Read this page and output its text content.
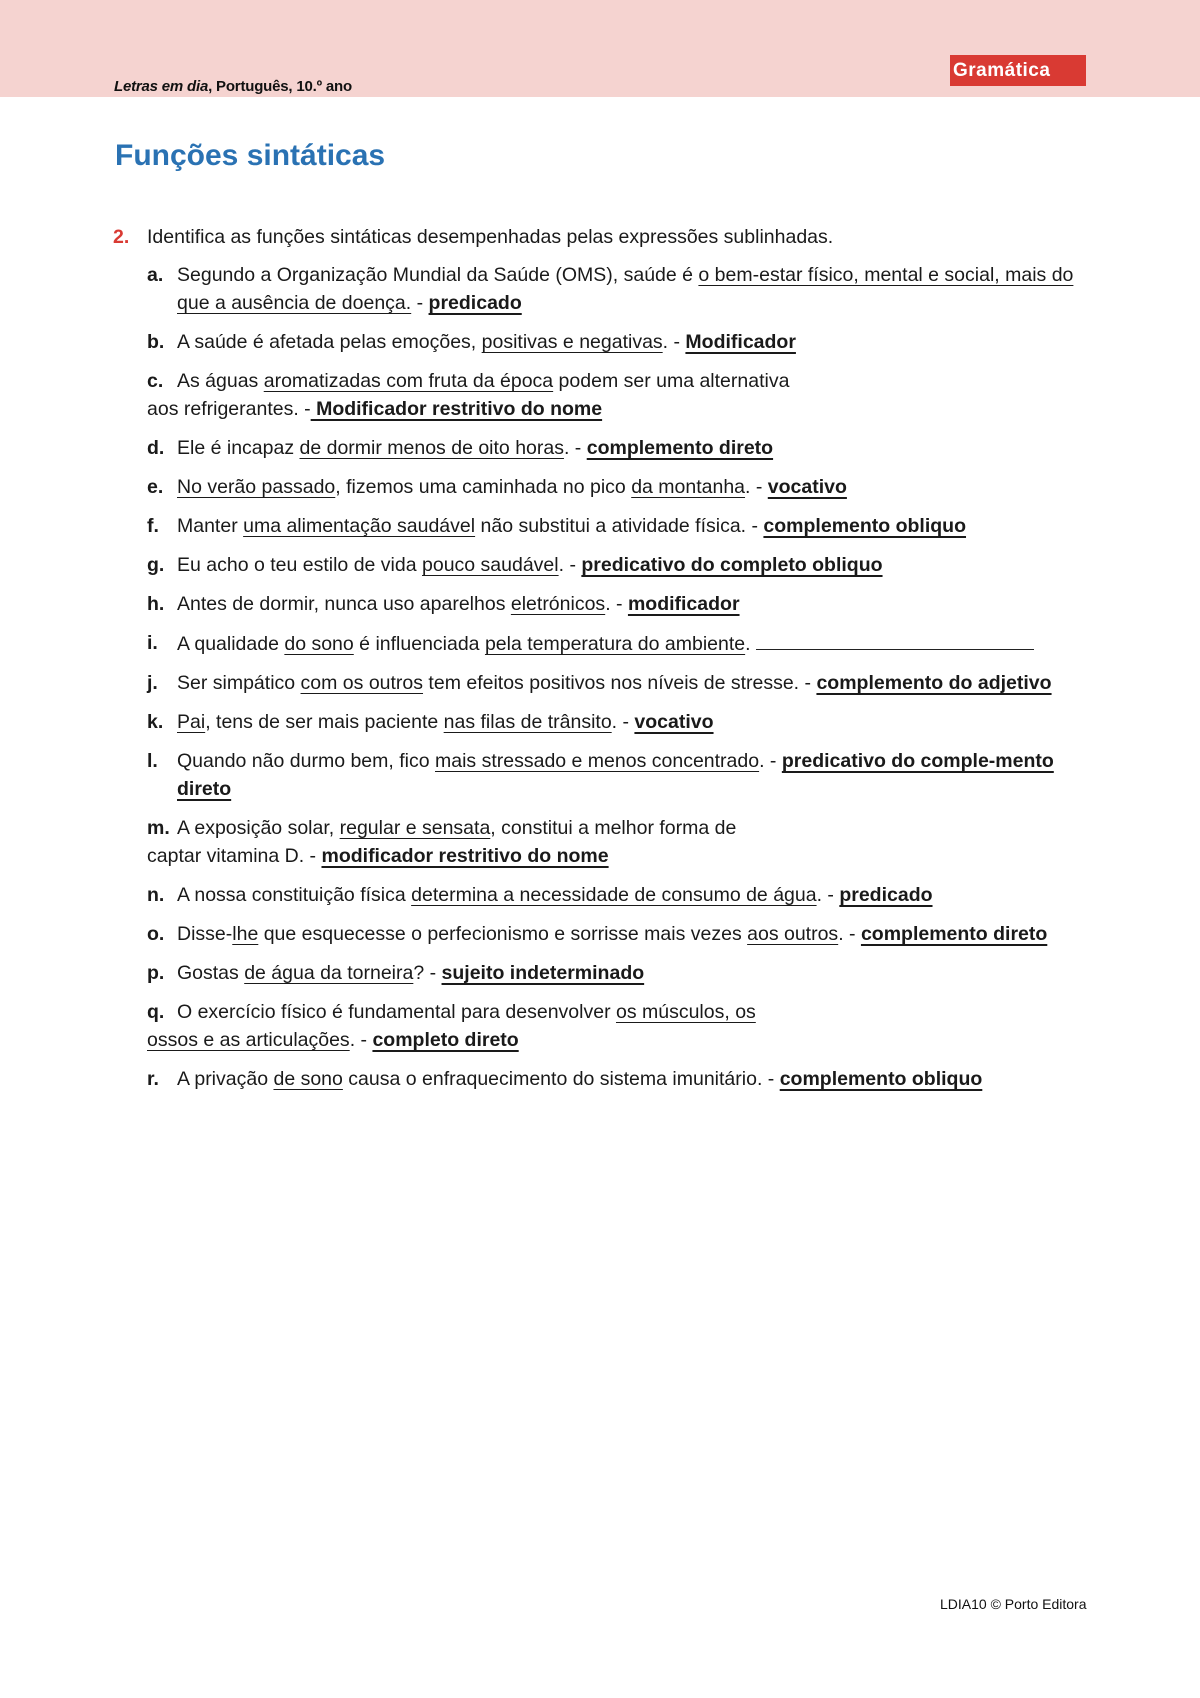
Letras em dia, Português, 10.º ano
Gramática
Funções sintáticas
2. Identifica as funções sintáticas desempenhadas pelas expressões sublinhadas.
a. Segundo a Organização Mundial da Saúde (OMS), saúde é o bem-estar físico, mental e social, mais do que a ausência de doença. - predicado
b. A saúde é afetada pelas emoções, positivas e negativas. - Modificador
c. As águas aromatizadas com fruta da época podem ser uma alternativa
aos refrigerantes. - Modificador restritivo do nome
d. Ele é incapaz de dormir menos de oito horas. - complemento direto
e. No verão passado, fizemos uma caminhada no pico da montanha. - vocativo
f. Manter uma alimentação saudável não substitui a atividade física. - complemento obliquo
g. Eu acho o teu estilo de vida pouco saudável. - predicativo do completo obliquo
h. Antes de dormir, nunca uso aparelhos eletrónicos. - modificador
i. A qualidade do sono é influenciada pela temperatura do ambiente.
j. Ser simpático com os outros tem efeitos positivos nos níveis de stresse. - complemento do adjetivo
k. Pai, tens de ser mais paciente nas filas de trânsito. - vocativo
l. Quando não durmo bem, fico mais stressado e menos concentrado. - predicativo do comple-mento direto
m. A exposição solar, regular e sensata, constitui a melhor forma de
captar vitamina D. - modificador restritivo do nome
n. A nossa constituição física determina a necessidade de consumo de água. - predicado
o. Disse-lhe que esquecesse o perfecionismo e sorrisse mais vezes aos outros. - complemento direto
p. Gostas de água da torneira? - sujeito indeterminado
q. O exercício físico é fundamental para desenvolver os músculos, os
ossos e as articulações. - completo direto
r. A privação de sono causa o enfraquecimento do sistema imunitário. - complemento obliquo
LDIA10 © Porto Editora
